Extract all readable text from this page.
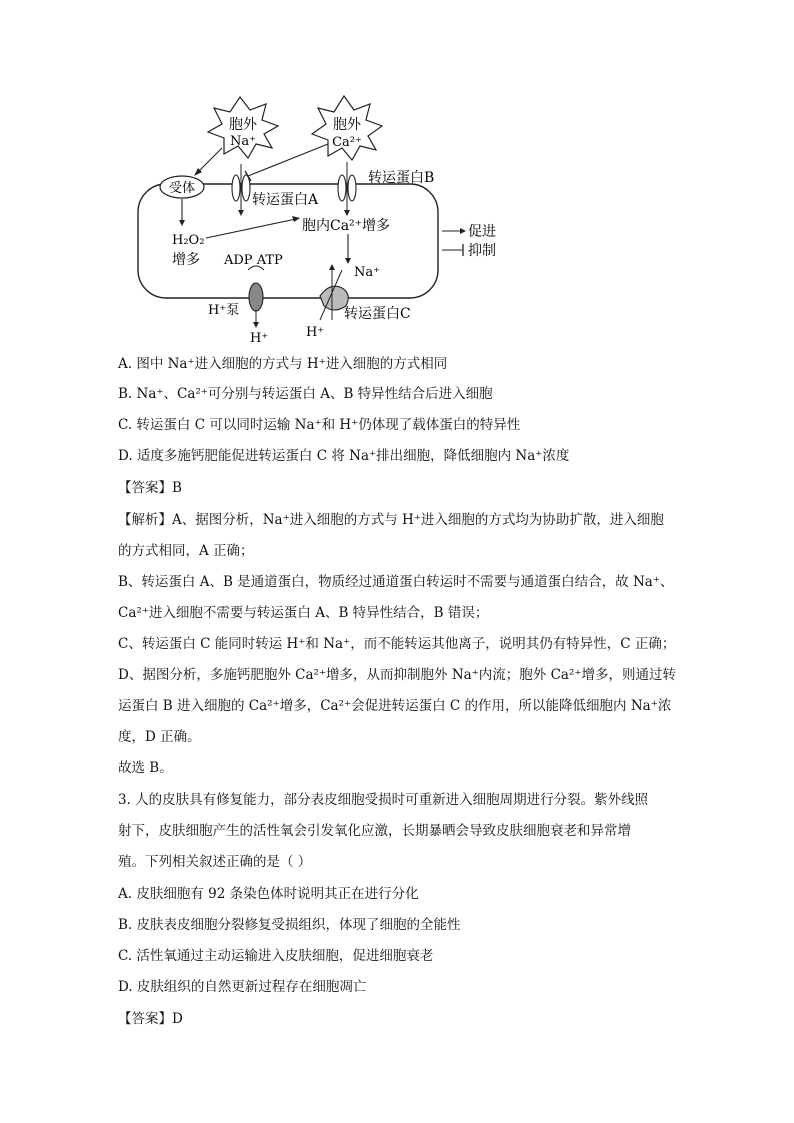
胞外
Na⁺
胞外
Ca²⁺
受体
转运蛋白A
转运蛋白B
H₂O₂
增多
胞内Ca²⁺增多
ADP ATP
H⁺泵
H⁺
Na⁺
H⁺
转运蛋白C
促进
抑制
A. 图中 Na⁺进入细胞的方式与 H⁺进入细胞的方式相同
B. Na⁺、Ca²⁺可分别与转运蛋白 A、B 特异性结合后进入细胞
C. 转运蛋白 C 可以同时运输 Na⁺和 H⁺仍体现了载体蛋白的特异性
D. 适度多施钙肥能促进转运蛋白 C 将 Na⁺排出细胞，降低细胞内 Na⁺浓度
【答案】B
【解析】A、据图分析，Na⁺进入细胞的方式与 H⁺进入细胞的方式均为协助扩散，进入细胞
的方式相同，A 正确；
B、转运蛋白 A、B 是通道蛋白，物质经过通道蛋白转运时不需要与通道蛋白结合，故 Na⁺、
Ca²⁺进入细胞不需要与转运蛋白 A、B 特异性结合，B 错误；
C、转运蛋白 C 能同时转运 H⁺和 Na⁺，而不能转运其他离子，说明其仍有特异性，C 正确；
D、据图分析，多施钙肥胞外 Ca²⁺增多，从而抑制胞外 Na⁺内流；胞外 Ca²⁺增多，则通过转
运蛋白 B 进入细胞的 Ca²⁺增多，Ca²⁺会促进转运蛋白 C 的作用，所以能降低细胞内 Na⁺浓
度，D 正确。
故选 B。
3. 人的皮肤具有修复能力，部分表皮细胞受损时可重新进入细胞周期进行分裂。紫外线照
射下，皮肤细胞产生的活性氧会引发氧化应激，长期暴晒会导致皮肤细胞衰老和异常增
殖。下列相关叙述正确的是（ ）
A. 皮肤细胞有 92 条染色体时说明其正在进行分化
B. 皮肤表皮细胞分裂修复受损组织，体现了细胞的全能性
C. 活性氧通过主动运输进入皮肤细胞，促进细胞衰老
D. 皮肤组织的自然更新过程存在细胞凋亡
【答案】D
